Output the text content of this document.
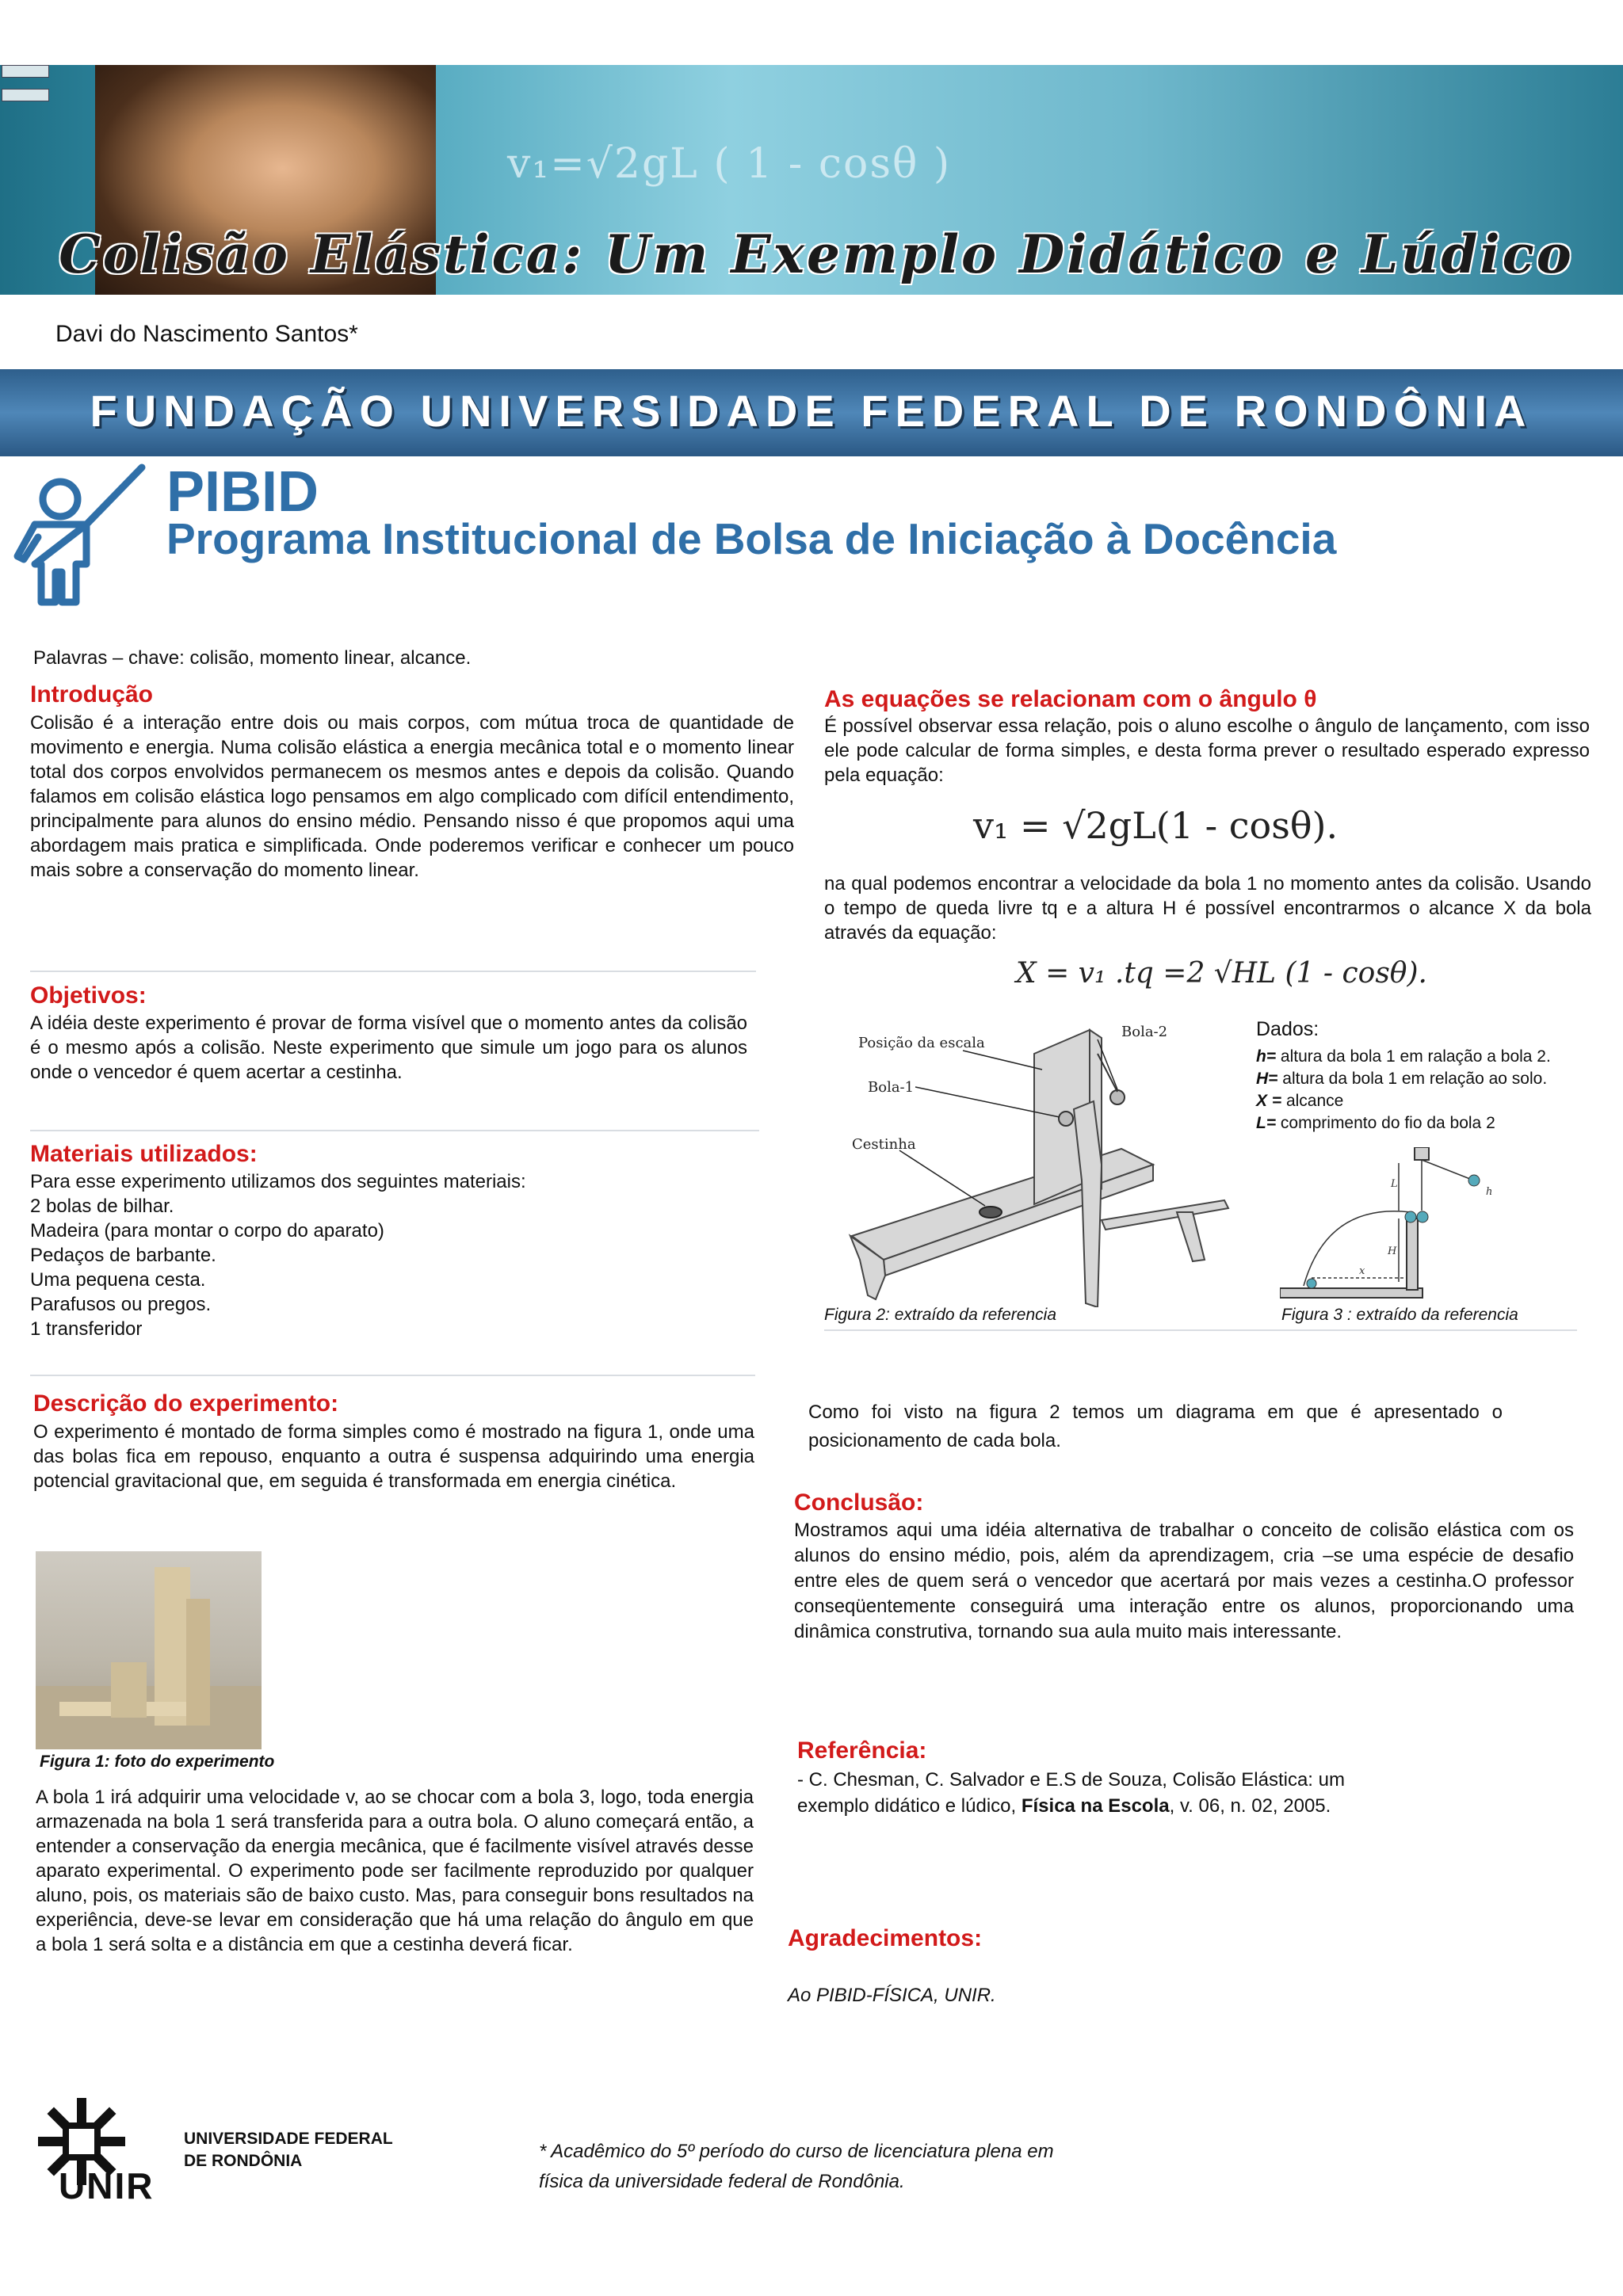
v₁=√2gL ( 1 - cosθ )
Colisão Elástica: Um Exemplo Didático e Lúdico
Davi do Nascimento Santos*
FUNDAÇÃO UNIVERSIDADE FEDERAL DE RONDÔNIA
PIBID
Programa Institucional de Bolsa de Iniciação à Docência
Palavras – chave: colisão, momento linear, alcance.
Introdução
Colisão é a interação entre dois ou mais corpos, com mútua troca de quantidade de movimento e energia. Numa colisão elástica a energia mecânica total e o momento linear total dos corpos envolvidos permanecem os mesmos antes e depois da colisão. Quando falamos em colisão elástica logo pensamos em algo complicado com difícil entendimento, principalmente para alunos do ensino médio. Pensando nisso é que propomos aqui uma abordagem mais pratica e simplificada. Onde poderemos verificar e conhecer um pouco mais sobre a conservação do momento linear.
Objetivos:
A idéia deste experimento é provar de forma visível que o momento antes da colisão é o mesmo após a colisão. Neste experimento que simule um jogo para os alunos onde o vencedor é quem acertar a cestinha.
Materiais utilizados:
Para esse experimento utilizamos dos seguintes materiais:
2 bolas de bilhar.
Madeira (para montar o corpo do aparato)
Pedaços de barbante.
Uma pequena cesta.
Parafusos ou pregos.
1 transferidor
Descrição do experimento:
O experimento é montado de forma simples como é mostrado na figura 1, onde uma das bolas fica em repouso, enquanto a outra é suspensa adquirindo uma energia potencial gravitacional que, em seguida é transformada em energia cinética.
Figura 1: foto do experimento
A bola 1 irá adquirir uma velocidade v, ao se chocar com a bola 3, logo, toda energia armazenada na bola 1 será transferida para a outra bola. O aluno começará então, a entender a conservação da energia mecânica, que é facilmente visível através desse aparato experimental. O experimento pode ser facilmente reproduzido por qualquer aluno, pois, os materiais são de baixo custo. Mas, para conseguir bons resultados na experiência, deve-se levar em consideração que há uma relação do ângulo em que a bola 1 será solta e a distância em que a cestinha deverá ficar.
As equações se relacionam com o ângulo θ
É possível observar essa relação, pois o aluno escolhe o ângulo de lançamento, com isso ele pode calcular de forma simples, e desta forma prever o resultado esperado expresso pela equação:
v₁ = √2gL(1 - cosθ).
na qual podemos encontrar a velocidade da bola 1 no momento antes da colisão. Usando o tempo de queda livre tq e a altura H é possível encontrarmos o alcance X da bola através da equação:
X = v₁ .tq =2 √HL (1 - cosθ).
Posição da escala
Bola-2
Bola-1
Cestinha
Dados:
h= altura da bola 1 em ralação a bola 2.
H= altura da bola 1 em relação ao solo.
X = alcance
L= comprimento do fio da bola 2
L
H
x
h
Figura 2: extraído da referencia	Figura 3 : extraído da referencia
Como foi visto na figura 2 temos um diagrama em que é apresentado o posicionamento de cada bola.
Conclusão:
Mostramos aqui uma idéia alternativa de trabalhar o conceito de colisão elástica com os alunos do ensino médio, pois, além da aprendizagem, cria –se uma espécie de desafio entre eles de quem será o vencedor que acertará por mais vezes a cestinha.O professor conseqüentemente conseguirá uma interação entre os alunos, proporcionando uma dinâmica construtiva, tornando sua aula muito mais interessante.
Referência:
- C. Chesman, C. Salvador e E.S de Souza, Colisão Elástica: um
exemplo didático e lúdico, Física na Escola, v. 06, n. 02, 2005.
Agradecimentos:
Ao PIBID-FÍSICA, UNIR.
UNIR
UNIVERSIDADE FEDERAL
DE RONDÔNIA	* Acadêmico do 5º período do curso de licenciatura plena em
física da universidade federal de Rondônia.
